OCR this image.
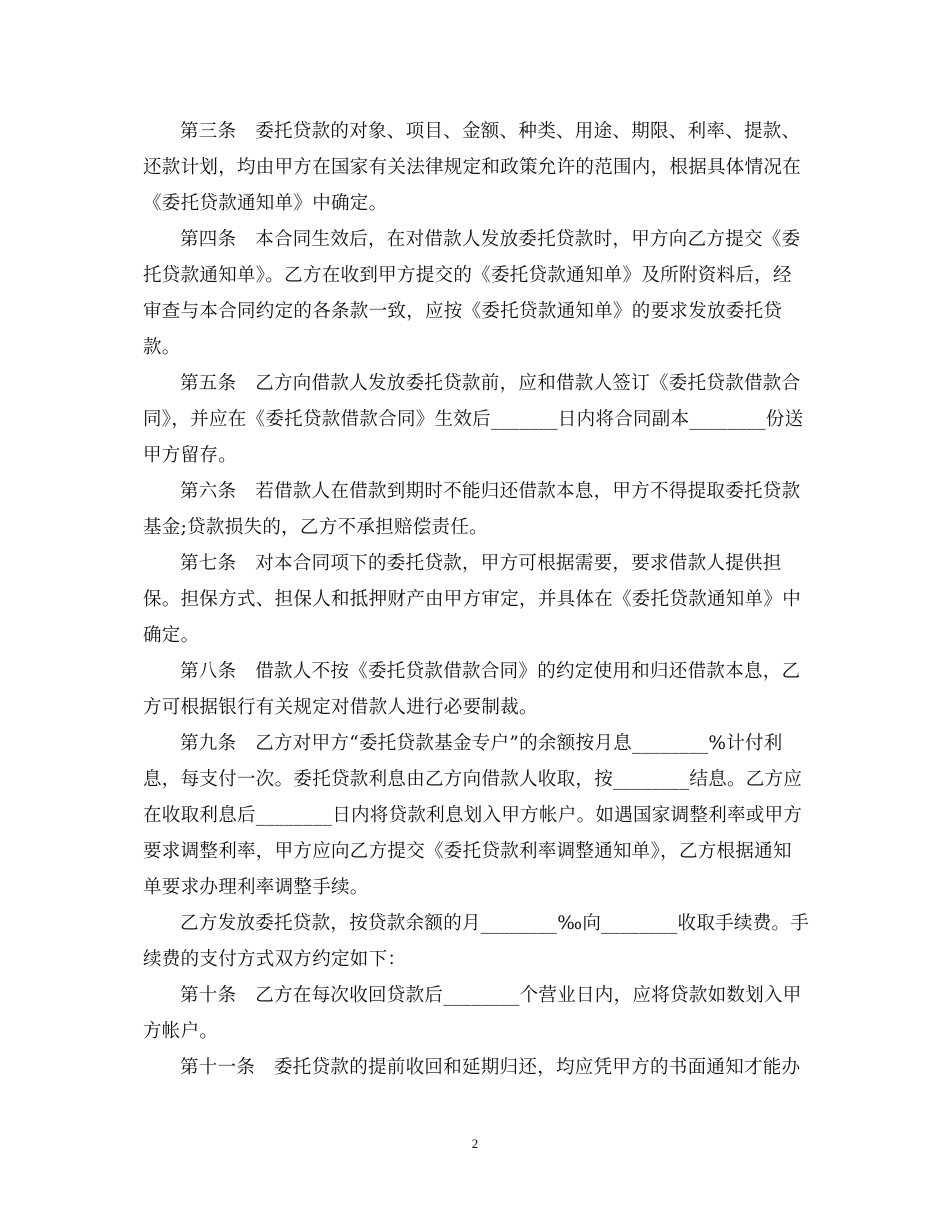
第三条　委托贷款的对象、项目、金额、种类、用途、期限、利率、提款、
还款计划，均由甲方在国家有关法律规定和政策允许的范围内，根据具体情况在
《委托贷款通知单》中确定。
第四条　本合同生效后，在对借款人发放委托贷款时，甲方向乙方提交《委
托贷款通知单》。乙方在收到甲方提交的《委托贷款通知单》及所附资料后，经
审查与本合同约定的各条款一致，应按《委托贷款通知单》的要求发放委托贷
款。
第五条　乙方向借款人发放委托贷款前，应和借款人签订《委托贷款借款合
同》，并应在《委托贷款借款合同》生效后_______日内将合同副本________份送
甲方留存。
第六条　若借款人在借款到期时不能归还借款本息，甲方不得提取委托贷款
基金;贷款损失的，乙方不承担赔偿责任。
第七条　对本合同项下的委托贷款，甲方可根据需要，要求借款人提供担
保。担保方式、担保人和抵押财产由甲方审定，并具体在《委托贷款通知单》中
确定。
第八条　借款人不按《委托贷款借款合同》的约定使用和归还借款本息，乙
方可根据银行有关规定对借款人进行必要制裁。
第九条　乙方对甲方“委托贷款基金专户”的余额按月息________%计付利
息，每支付一次。委托贷款利息由乙方向借款人收取，按________结息。乙方应
在收取利息后________日内将贷款利息划入甲方帐户。如遇国家调整利率或甲方
要求调整利率，甲方应向乙方提交《委托贷款利率调整通知单》，乙方根据通知
单要求办理利率调整手续。
乙方发放委托贷款，按贷款余额的月________‰向________收取手续费。手
续费的支付方式双方约定如下：
第十条　乙方在每次收回贷款后________个营业日内，应将贷款如数划入甲
方帐户。
第十一条　委托贷款的提前收回和延期归还，均应凭甲方的书面通知才能办
2
